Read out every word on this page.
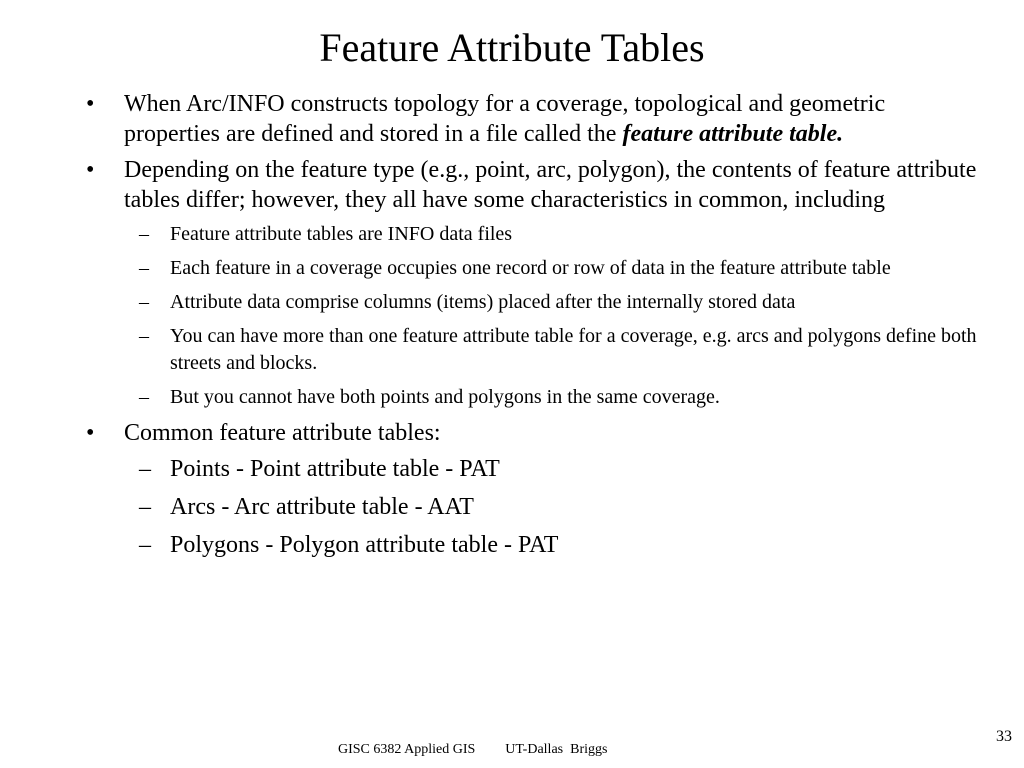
Feature Attribute Tables
• When Arc/INFO constructs topology for a coverage, topological and geometric properties are defined and stored in a file called the feature attribute table.
• Depending on the feature type (e.g., point, arc, polygon), the contents of feature attribute tables differ; however, they all have some characteristics in common, including
– Feature attribute tables are INFO data files
– Each feature in a coverage occupies one record or row of data in the feature attribute table
– Attribute data comprise columns (items) placed after the internally stored data
– You can have more than one feature attribute table for a coverage, e.g. arcs and polygons define both streets and blocks.
– But you cannot have both points and polygons in the same coverage.
• Common feature attribute tables:
– Points - Point attribute table - PAT
– Arcs - Arc attribute table - AAT
– Polygons - Polygon attribute table - PAT
33
GISC 6382 Applied GIS UT-Dallas  Briggs
